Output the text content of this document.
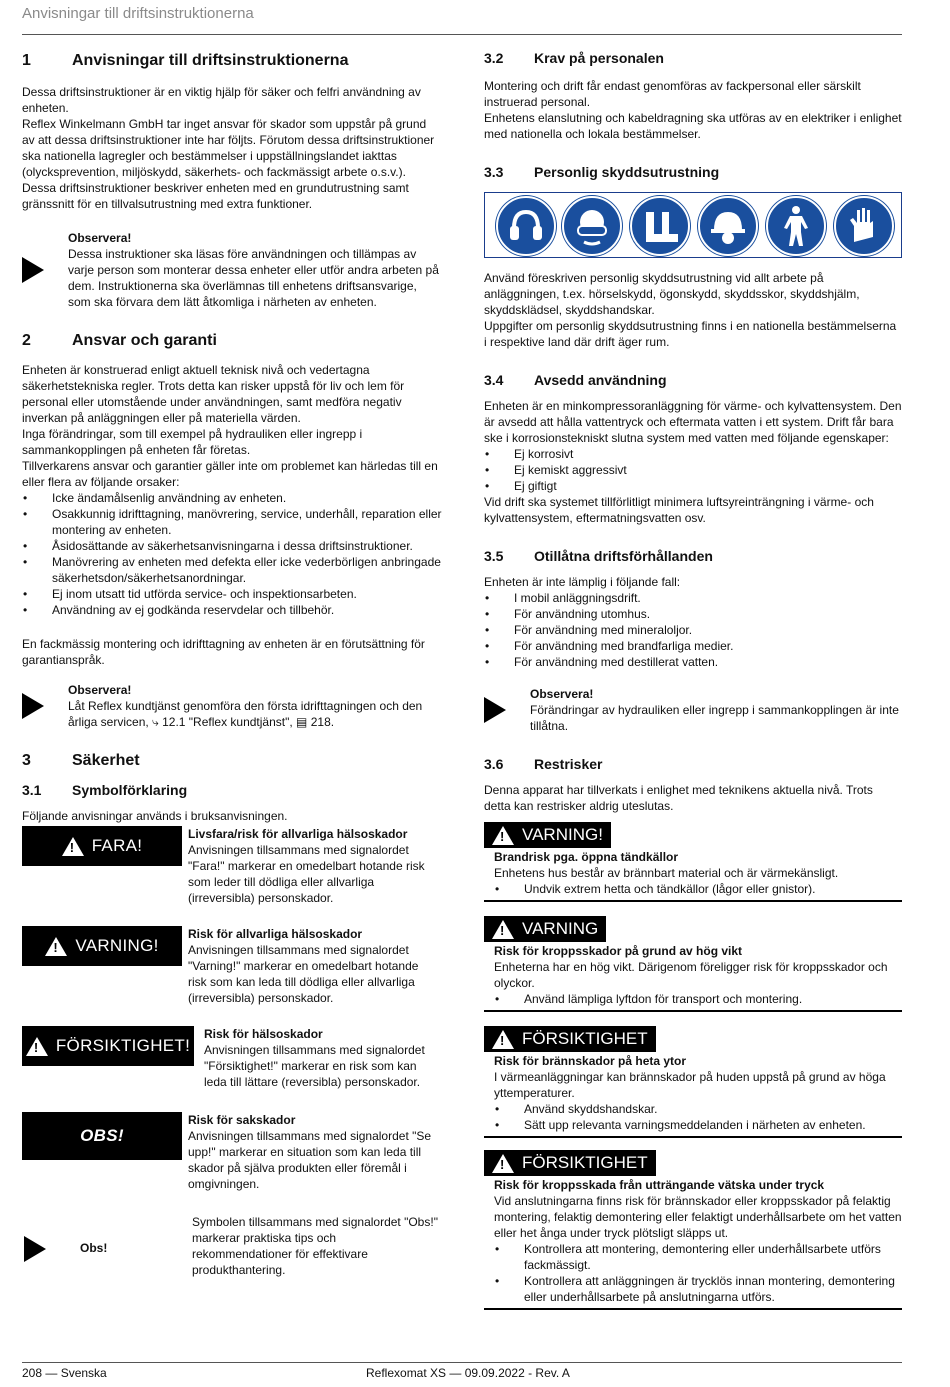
Anvisningar till driftsinstruktionerna
1	Anvisningar till driftsinstruktionerna

Dessa driftsinstruktioner är en viktig hjälp för säker och felfri användning av enheten.

Reflex Winkelmann GmbH tar inget ansvar för skador som uppstår på grund av att dessa driftsinstruktioner inte har följts. Förutom dessa driftsinstruktioner ska nationella lagregler och bestämmelser i uppställningslandet iakttas (olycksprevention, miljöskydd, säkerhets- och fackmässigt arbete o.s.v.).

Dessa driftsinstruktioner beskriver enheten med en grundutrustning samt gränssnitt för en tillvalsutrustning med extra funktioner.

Observera!
Dessa instruktioner ska läsas före användningen och tillämpas av varje person som monterar dessa enheter eller utför andra arbeten på dem. Instruktionerna ska överlämnas till enhetens driftsansvarige, som ska förvara dem lätt åtkomliga i närheten av enheten.
2	Ansvar och garanti

Enheten är konstruerad enligt aktuell teknisk nivå och vedertagna säkerhetstekniska regler. Trots detta kan risker uppstå för liv och lem för personal eller utomstående under användningen, samt medföra negativ inverkan på anläggningen eller på materiella värden.

Inga förändringar, som till exempel på hydrauliken eller ingrepp i sammankopplingen på enheten får företas.

Tillverkarens ansvar och garantier gäller inte om problemet kan härledas till en eller flera av följande orsaker:

• Icke ändamålsenlig användning av enheten.
• Osakkunnig idrifttagning, manövrering, service, underhåll, reparation eller montering av enheten.
• Åsidosättande av säkerhetsanvisningarna i dessa driftsinstruktioner.
• Manövrering av enheten med defekta eller icke vederbörligen anbringade säkerhetsdon/säkerhetsanordningar.
• Ej inom utsatt tid utförda service- och inspektionsarbeten.
• Användning av ej godkända reservdelar och tillbehör.

En fackmässig montering och idrifttagning av enheten är en förutsättning för garantianspråk.

Observera!
Låt Reflex kundtjänst genomföra den första idrifttagningen och den årliga servicen, ⤷ 12.1 "Reflex kundtjänst", ▤ 218.
3	Säkerhet
3.1	Symbolförklaring

Följande anvisningar används i bruksanvisningen.

!
FARA!
Livsfara/risk för allvarliga hälsoskador
Anvisningen tillsammans med signalordet "Fara!" markerar en omedelbart hotande risk som leder till dödliga eller allvarliga (irreversibla) personskador.
!
VARNING!
Risk för allvarliga hälsoskador
Anvisningen tillsammans med signalordet "Varning!" markerar en omedelbart hotande risk som kan leda till dödliga eller allvarliga (irreversibla) personskador.
!
FÖRSIKTIGHET!
Risk för hälsoskador
Anvisningen tillsammans med signalordet "Försiktighet!" markerar en risk som kan leda till lättare (reversibla) personskador.
OBS!
Risk för sakskador
Anvisningen tillsammans med signalordet "Se upp!" markerar en situation som kan leda till skador på själva produkten eller föremål i omgivningen.
Obs!
Symbolen tillsammans med signalordet "Obs!" markerar praktiska tips och rekommendationer för effektivare produkthantering.
3.2	Krav på personalen

Montering och drift får endast genomföras av fackpersonal eller särskilt instruerad personal.

Enhetens elanslutning och kabeldragning ska utföras av en elektriker i enlighet med nationella och lokala bestämmelser.

3.3	Personlig skyddsutrustning

Använd föreskriven personlig skyddsutrustning vid allt arbete på anläggningen, t.ex. hörselskydd, ögonskydd, skyddsskor, skyddshjälm, skyddsklädsel, skyddshandskar.

Uppgifter om personlig skyddsutrustning finns i en nationella bestämmelserna i respektive land där drift äger rum.

3.4	Avsedd användning

Enheten är en minkompressoranläggning för värme- och kylvattensystem. Den är avsedd att hålla vattentryck och eftermata vatten i ett system. Drift får bara ske i korrosionstekniskt slutna system med vatten med följande egenskaper:

• Ej korrosivt
• Ej kemiskt aggressivt
• Ej giftigt

Vid drift ska systemet tillförlitligt minimera luftsyreinträngning i värme- och kylvattensystem, eftermatningsvatten osv.

3.5	Otillåtna driftsförhållanden

Enheten är inte lämplig i följande fall:

• I mobil anläggningsdrift.
• För användning utomhus.
• För användning med mineraloljor.
• För användning med brandfarliga medier.
• För användning med destillerat vatten.
Observera!
Förändringar av hydrauliken eller ingrepp i sammankopplingen är inte tillåtna.
3.6	Restrisker

Denna apparat har tillverkats i enlighet med teknikens aktuella nivå. Trots detta kan restrisker aldrig uteslutas.

!
VARNING!
Brandrisk pga. öppna tändkällor
Enhetens hus består av brännbart material och är värmekänsligt.
• Undvik extrem hetta och tändkällor (lågor eller gnistor).
!
VARNING
Risk för kroppsskador på grund av hög vikt
Enheterna har en hög vikt. Därigenom föreligger risk för kroppsskador och olyckor.
• Använd lämpliga lyftdon för transport och montering.
!
FÖRSIKTIGHET
Risk för brännskador på heta ytor
I värmeanläggningar kan brännskador på huden uppstå på grund av höga yttemperaturer.
• Använd skyddshandskar.
• Sätt upp relevanta varningsmeddelanden i närheten av enheten.
!
FÖRSIKTIGHET
Risk för kroppsskada från utträngande vätska under tryck
Vid anslutningarna finns risk för brännskador eller kroppsskador på felaktig montering, felaktig demontering eller felaktigt underhållsarbete om het vatten eller het ånga under tryck plötsligt släpps ut.
• Kontrollera att montering, demontering eller underhållsarbete utförs fackmässigt.
• Kontrollera att anläggningen är trycklös innan montering, demontering eller underhållsarbete på anslutningarna utförs.
208 — Svenska	Reflexomat XS — 09.09.2022 - Rev. A
